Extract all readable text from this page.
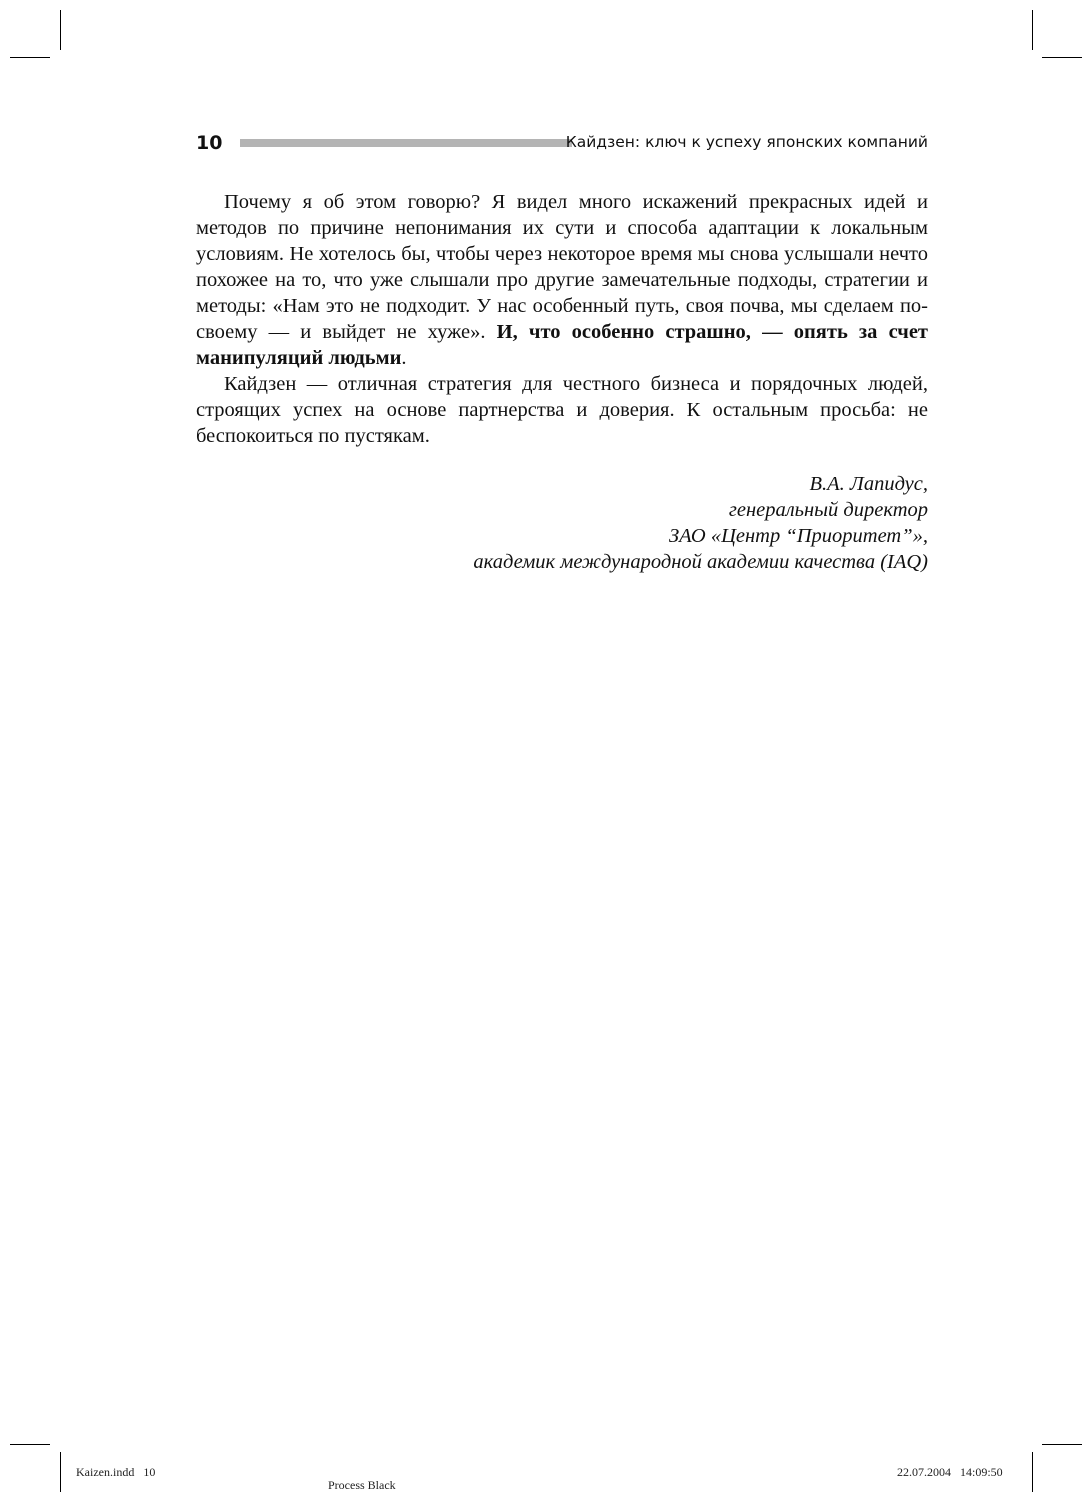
10	Кайдзен: ключ к успеху японских компаний

Почему я об этом говорю? Я видел много искажений прекрасных идей и методов по причине непонимания их сути и способа адаптации к локальным условиям. Не хотелось бы, чтобы через некоторое время мы снова услышали нечто похожее на то, что уже слышали про другие замечательные подходы, стратегии и методы: «Нам это не подходит. У нас особенный путь, своя почва, мы сделаем по-своему — и выйдет не хуже». И, что особенно страшно, — опять за счет манипуляций людьми.

Кайдзен — отличная стратегия для честного бизнеса и порядочных людей, строящих успех на основе партнерства и доверия. К остальным просьба: не беспокоиться по пустякам.

В.А. Лапидус,
генеральный директор
ЗАО «Центр “Приоритет”»,
академик международной академии качества (IAQ)
Kaizen.indd   10
Process Black
22.07.2004   14:09:50
